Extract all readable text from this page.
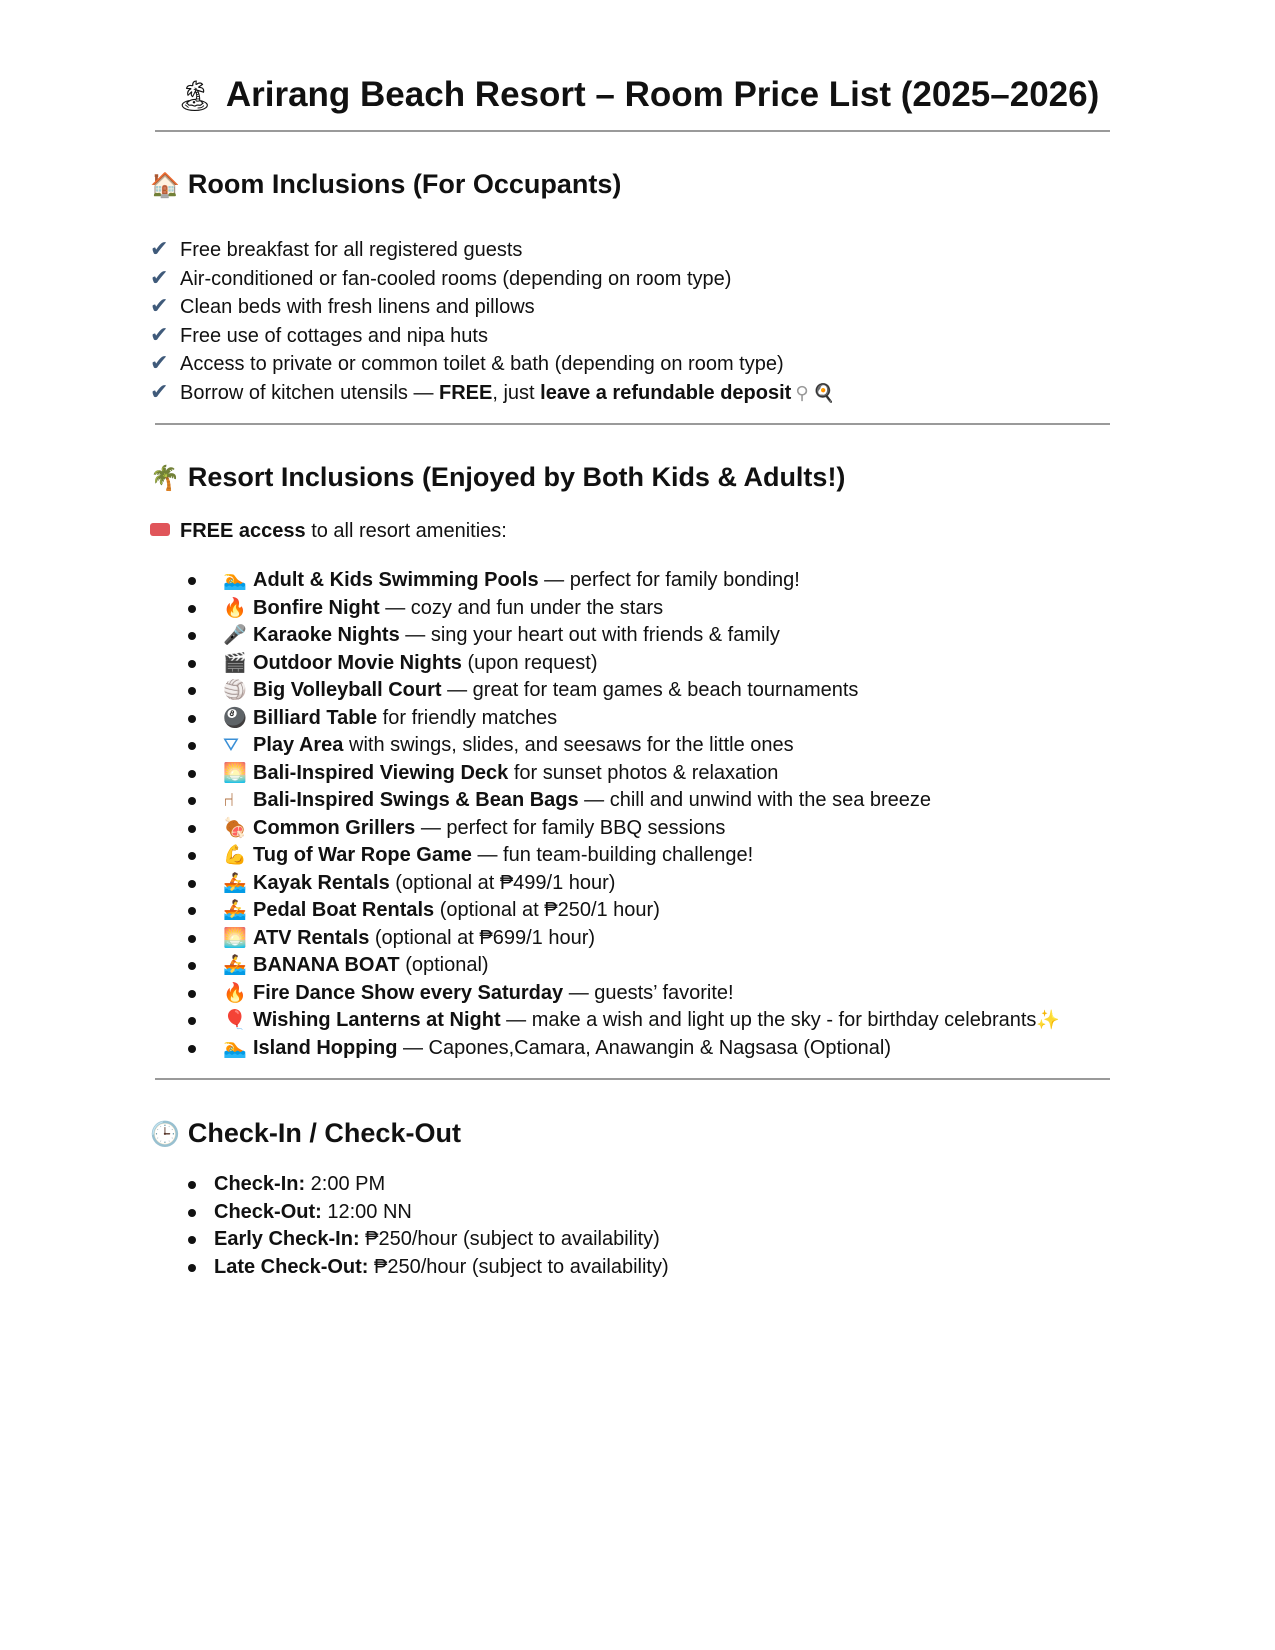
🏝 Arirang Beach Resort – Room Price List (2025–2026)
🏠 Room Inclusions (For Occupants)
✔ Free breakfast for all registered guests
✔ Air-conditioned or fan-cooled rooms (depending on room type)
✔ Clean beds with fresh linens and pillows
✔ Free use of cottages and nipa huts
✔ Access to private or common toilet & bath (depending on room type)
✔ Borrow of kitchen utensils — FREE, just leave a refundable deposit ⚲ 🍳
🌴 Resort Inclusions (Enjoyed by Both Kids & Adults!)
FREE access to all resort amenities:
🏊 Adult & Kids Swimming Pools — perfect for family bonding!
🔥 Bonfire Night — cozy and fun under the stars
🎤 Karaoke Nights — sing your heart out with friends & family
🎬 Outdoor Movie Nights (upon request)
🏐 Big Volleyball Court — great for team games & beach tournaments
🎱 Billiard Table for friendly matches
⛛ Play Area with swings, slides, and seesaws for the little ones
🌅 Bali-Inspired Viewing Deck for sunset photos & relaxation
⑁ Bali-Inspired Swings & Bean Bags — chill and unwind with the sea breeze
🍖 Common Grillers — perfect for family BBQ sessions
💪 Tug of War Rope Game — fun team-building challenge!
🚣 Kayak Rentals (optional at ₱499/1 hour)
🚣 Pedal Boat Rentals (optional at ₱250/1 hour)
🌅 ATV Rentals (optional at ₱699/1 hour)
🚣 BANANA BOAT (optional)
🔥 Fire Dance Show every Saturday — guests’ favorite!
🎈 Wishing Lanterns at Night — make a wish and light up the sky - for birthday celebrants✨
🏊 Island Hopping — Capones,Camara, Anawangin & Nagsasa (Optional)
🕒 Check-In / Check-Out
Check-In: 2:00 PM
Check-Out: 12:00 NN
Early Check-In: ₱250/hour (subject to availability)
Late Check-Out: ₱250/hour (subject to availability)
